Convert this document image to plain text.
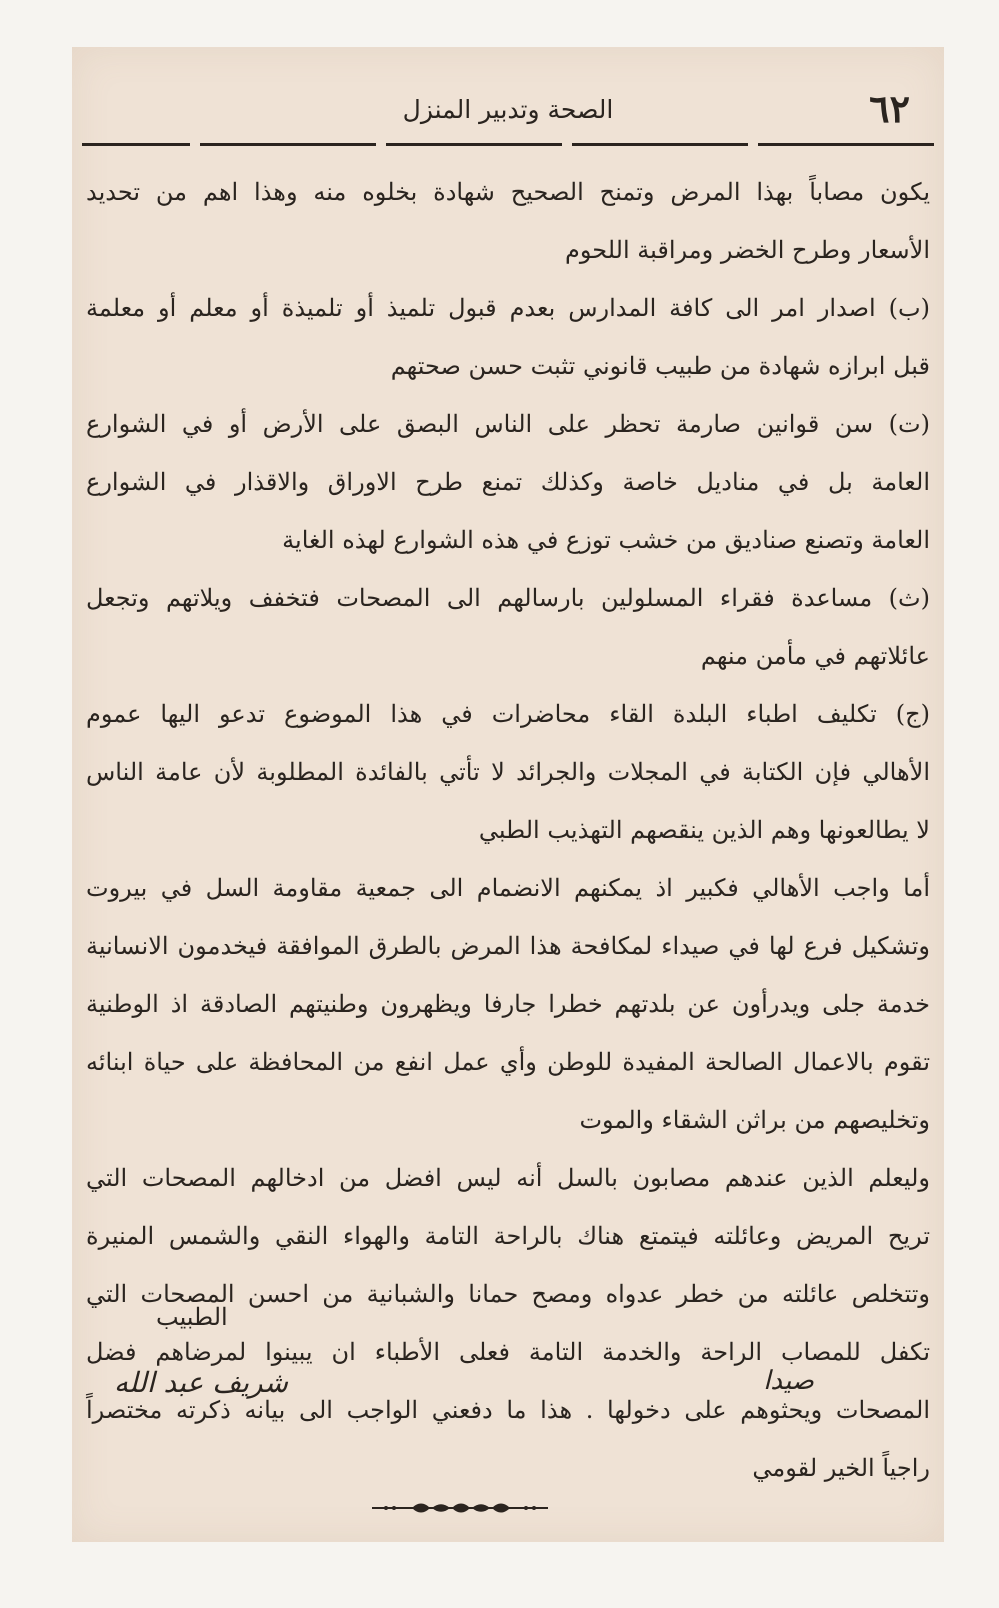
٦٢
الصحة وتدبير المنزل
يكون مصاباً بهذا المرض وتمنح الصحيح شهادة بخلوه منه وهذا اهم من تحديد
الأسعار وطرح الخضر ومراقبة اللحوم
(ب) اصدار امر الى كافة المدارس بعدم قبول تلميذ أو تلميذة أو معلم أو معلمة
قبل ابرازه شهادة من طبيب قانوني تثبت حسن صحتهم
(ت) سن قوانين صارمة تحظر على الناس البصق على الأرض أو في الشوارع
العامة بل في مناديل خاصة وكذلك تمنع طرح الاوراق والاقذار في الشوارع
العامة وتصنع صناديق من خشب توزع في هذه الشوارع لهذه الغاية
(ث) مساعدة فقراء المسلولين بارسالهم الى المصحات فتخفف ويلاتهم وتجعل
عائلاتهم في مأمن منهم
(ج) تكليف اطباء البلدة القاء محاضرات في هذا الموضوع تدعو اليها عموم
الأهالي فإن الكتابة في المجلات والجرائد لا تأتي بالفائدة المطلوبة لأن عامة الناس
لا يطالعونها وهم الذين ينقصهم التهذيب الطبي
أما واجب الأهالي فكبير اذ يمكنهم الانضمام الى جمعية مقاومة السل في بيروت
وتشكيل فرع لها في صيداء لمكافحة هذا المرض بالطرق الموافقة فيخدمون الانسانية
خدمة جلى ويدرأون عن بلدتهم خطرا جارفا ويظهرون وطنيتهم الصادقة اذ الوطنية
تقوم بالاعمال الصالحة المفيدة للوطن وأي عمل انفع من المحافظة على حياة ابنائه
وتخليصهم من براثن الشقاء والموت
وليعلم الذين عندهم مصابون بالسل أنه ليس افضل من ادخالهم المصحات التي
تريح المريض وعائلته فيتمتع هناك بالراحة التامة والهواء النقي والشمس المنيرة
وتتخلص عائلته من خطر عدواه ومصح حمانا والشبانية من احسن المصحات التي
تكفل للمصاب الراحة والخدمة التامة فعلى الأطباء ان يبينوا لمرضاهم فضل
المصحات ويحثوهم على دخولها . هذا ما دفعني الواجب الى بيانه ذكرته مختصراً
راجياً الخير لقومي
الطبيب
صيدا
شريف عبد الله
